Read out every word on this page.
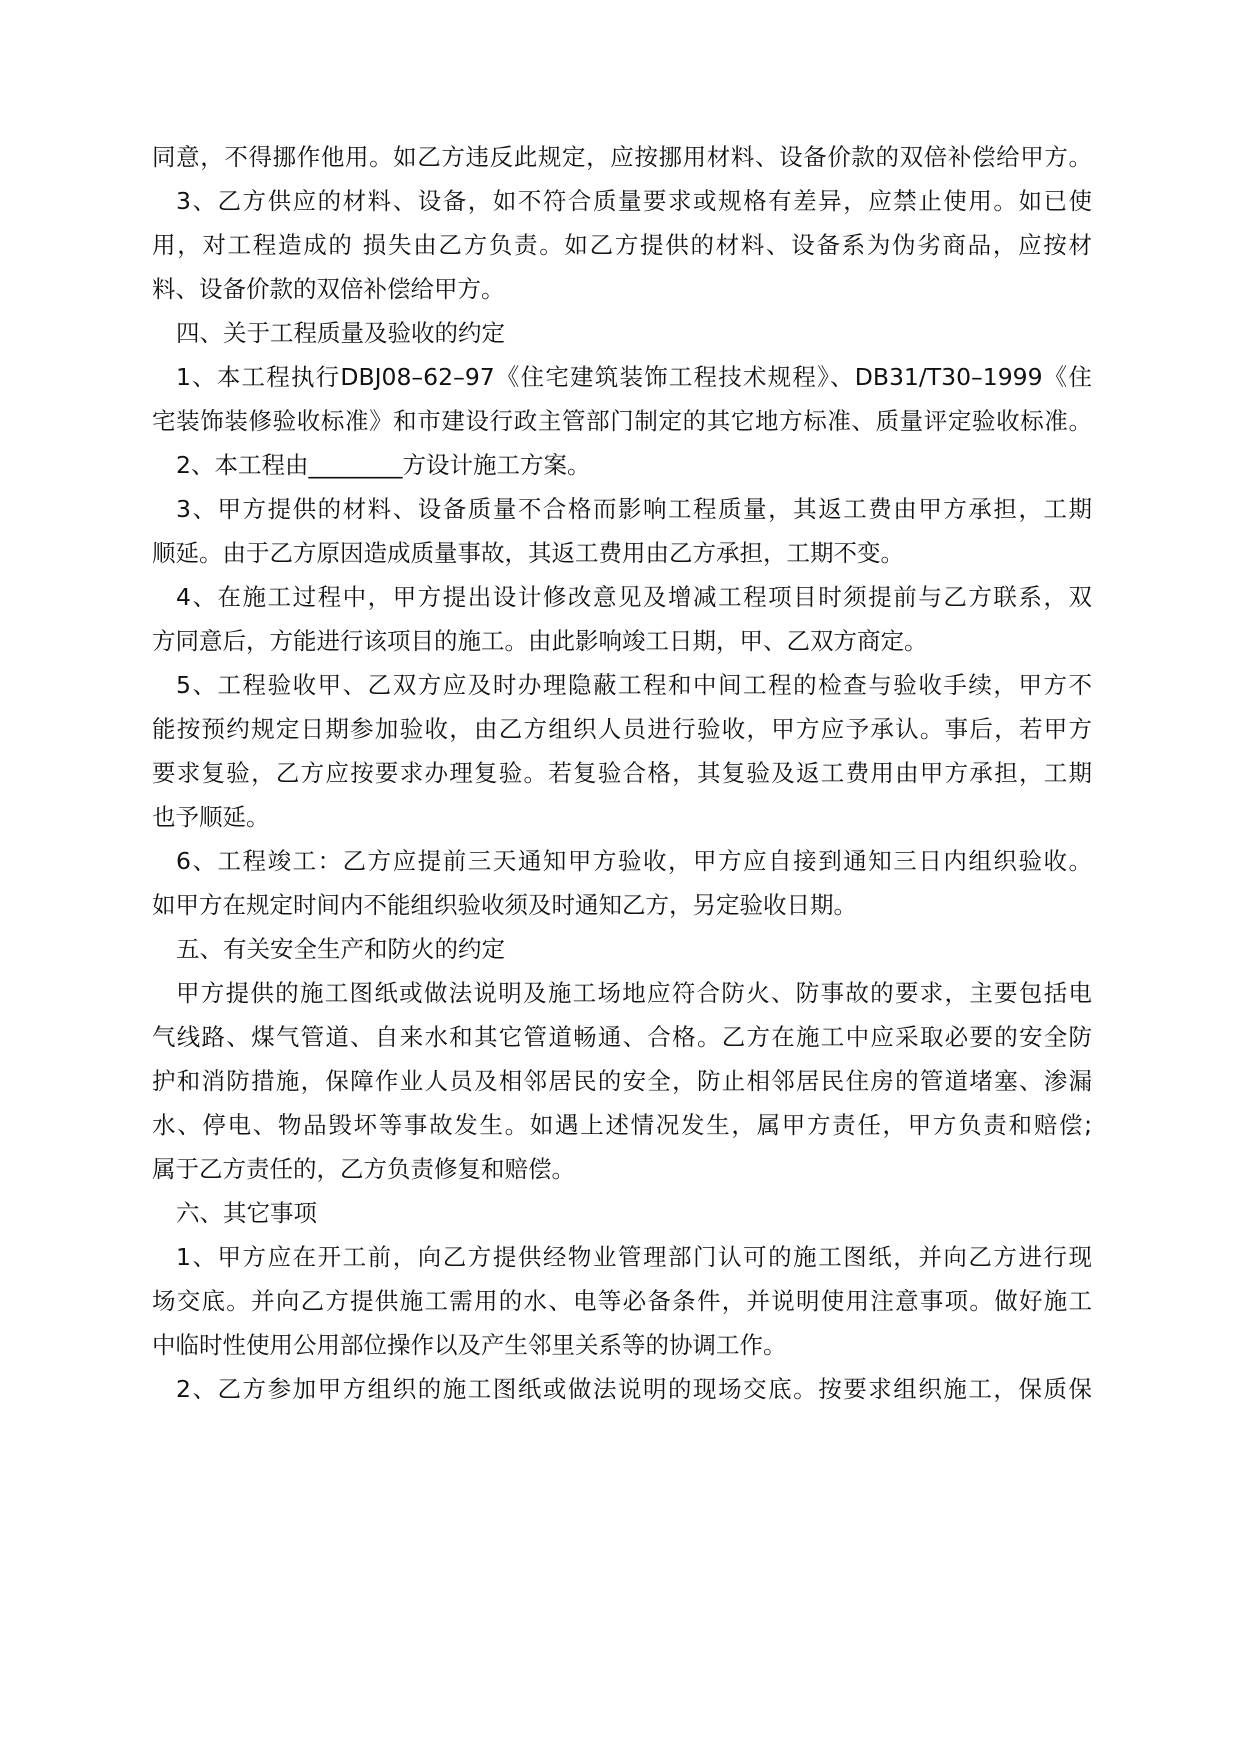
同意，不得挪作他用。如乙方违反此规定，应按挪用材料、设备价款的双倍补偿给甲方。
3、乙方供应的材料、设备，如不符合质量要求或规格有差异，应禁止使用。如已使
用，对工程造成的 损失由乙方负责。如乙方提供的材料、设备系为伪劣商品，应按材
料、设备价款的双倍补偿给甲方。
四、关于工程质量及验收的约定
1、本工程执行DBJ08–62–97《住宅建筑装饰工程技术规程》、DB31/T30–1999《住
宅装饰装修验收标准》和市建设行政主管部门制定的其它地方标准、质量评定验收标准。
2、本工程由________方设计施工方案。
3、甲方提供的材料、设备质量不合格而影响工程质量，其返工费由甲方承担，工期
顺延。由于乙方原因造成质量事故，其返工费用由乙方承担，工期不变。
4、在施工过程中，甲方提出设计修改意见及增减工程项目时须提前与乙方联系，双
方同意后，方能进行该项目的施工。由此影响竣工日期，甲、乙双方商定。
5、工程验收甲、乙双方应及时办理隐蔽工程和中间工程的检查与验收手续，甲方不
能按预约规定日期参加验收，由乙方组织人员进行验收，甲方应予承认。事后，若甲方
要求复验，乙方应按要求办理复验。若复验合格，其复验及返工费用由甲方承担，工期
也予顺延。
6、工程竣工：乙方应提前三天通知甲方验收，甲方应自接到通知三日内组织验收。
如甲方在规定时间内不能组织验收须及时通知乙方，另定验收日期。
五、有关安全生产和防火的约定
甲方提供的施工图纸或做法说明及施工场地应符合防火、防事故的要求，主要包括电
气线路、煤气管道、自来水和其它管道畅通、合格。乙方在施工中应采取必要的安全防
护和消防措施，保障作业人员及相邻居民的安全，防止相邻居民住房的管道堵塞、渗漏
水、停电、物品毁坏等事故发生。如遇上述情况发生，属甲方责任，甲方负责和赔偿;
属于乙方责任的，乙方负责修复和赔偿。
六、其它事项
1、甲方应在开工前，向乙方提供经物业管理部门认可的施工图纸，并向乙方进行现
场交底。并向乙方提供施工需用的水、电等必备条件，并说明使用注意事项。做好施工
中临时性使用公用部位操作以及产生邻里关系等的协调工作。
2、乙方参加甲方组织的施工图纸或做法说明的现场交底。按要求组织施工，保质保
